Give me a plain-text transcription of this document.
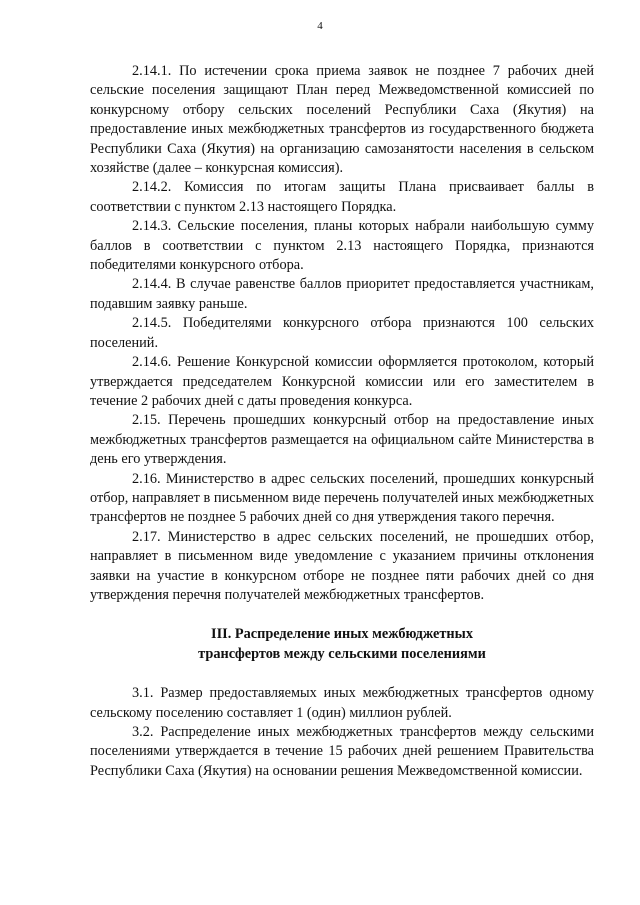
4

2.14.1. По истечении срока приема заявок не позднее 7 рабочих дней сельские поселения защищают План перед Межведомственной комиссией по конкурсному отбору сельских поселений Республики Саха (Якутия) на предоставление иных межбюджетных трансфертов из государственного бюджета Республики Саха (Якутия) на организацию самозанятости населения в сельском хозяйстве (далее – конкурсная комиссия).

2.14.2. Комиссия по итогам защиты Плана присваивает баллы в соответствии с пунктом 2.13 настоящего Порядка.

2.14.3. Сельские поселения, планы которых набрали наибольшую сумму баллов в соответствии с пунктом 2.13 настоящего Порядка, признаются победителями конкурсного отбора.

2.14.4. В случае равенстве баллов приоритет предоставляется участникам, подавшим заявку раньше.

2.14.5. Победителями конкурсного отбора признаются 100 сельских поселений.

2.14.6. Решение Конкурсной комиссии оформляется протоколом, который утверждается председателем Конкурсной комиссии или его заместителем в течение 2 рабочих дней с даты проведения конкурса.

2.15. Перечень прошедших конкурсный отбор на предоставление иных межбюджетных трансфертов размещается на официальном сайте Министерства в день его утверждения.

2.16. Министерство в адрес сельских поселений, прошедших конкурсный отбор, направляет в письменном виде перечень получателей иных межбюджетных трансфертов не позднее 5 рабочих дней со дня утверждения такого перечня.

2.17. Министерство в адрес сельских поселений, не прошедших отбор, направляет в письменном виде уведомление с указанием причины отклонения заявки на участие в конкурсном отборе не позднее пяти рабочих дней со дня утверждения перечня получателей межбюджетных трансфертов.

III. Распределение иных межбюджетных
трансфертов между сельскими поселениями

3.1. Размер предоставляемых иных межбюджетных трансфертов одному сельскому поселению составляет 1 (один) миллион рублей.

3.2. Распределение иных межбюджетных трансфертов между сельскими поселениями утверждается в течение 15 рабочих дней решением Правительства Республики Саха (Якутия) на основании решения Межведомственной комиссии.
